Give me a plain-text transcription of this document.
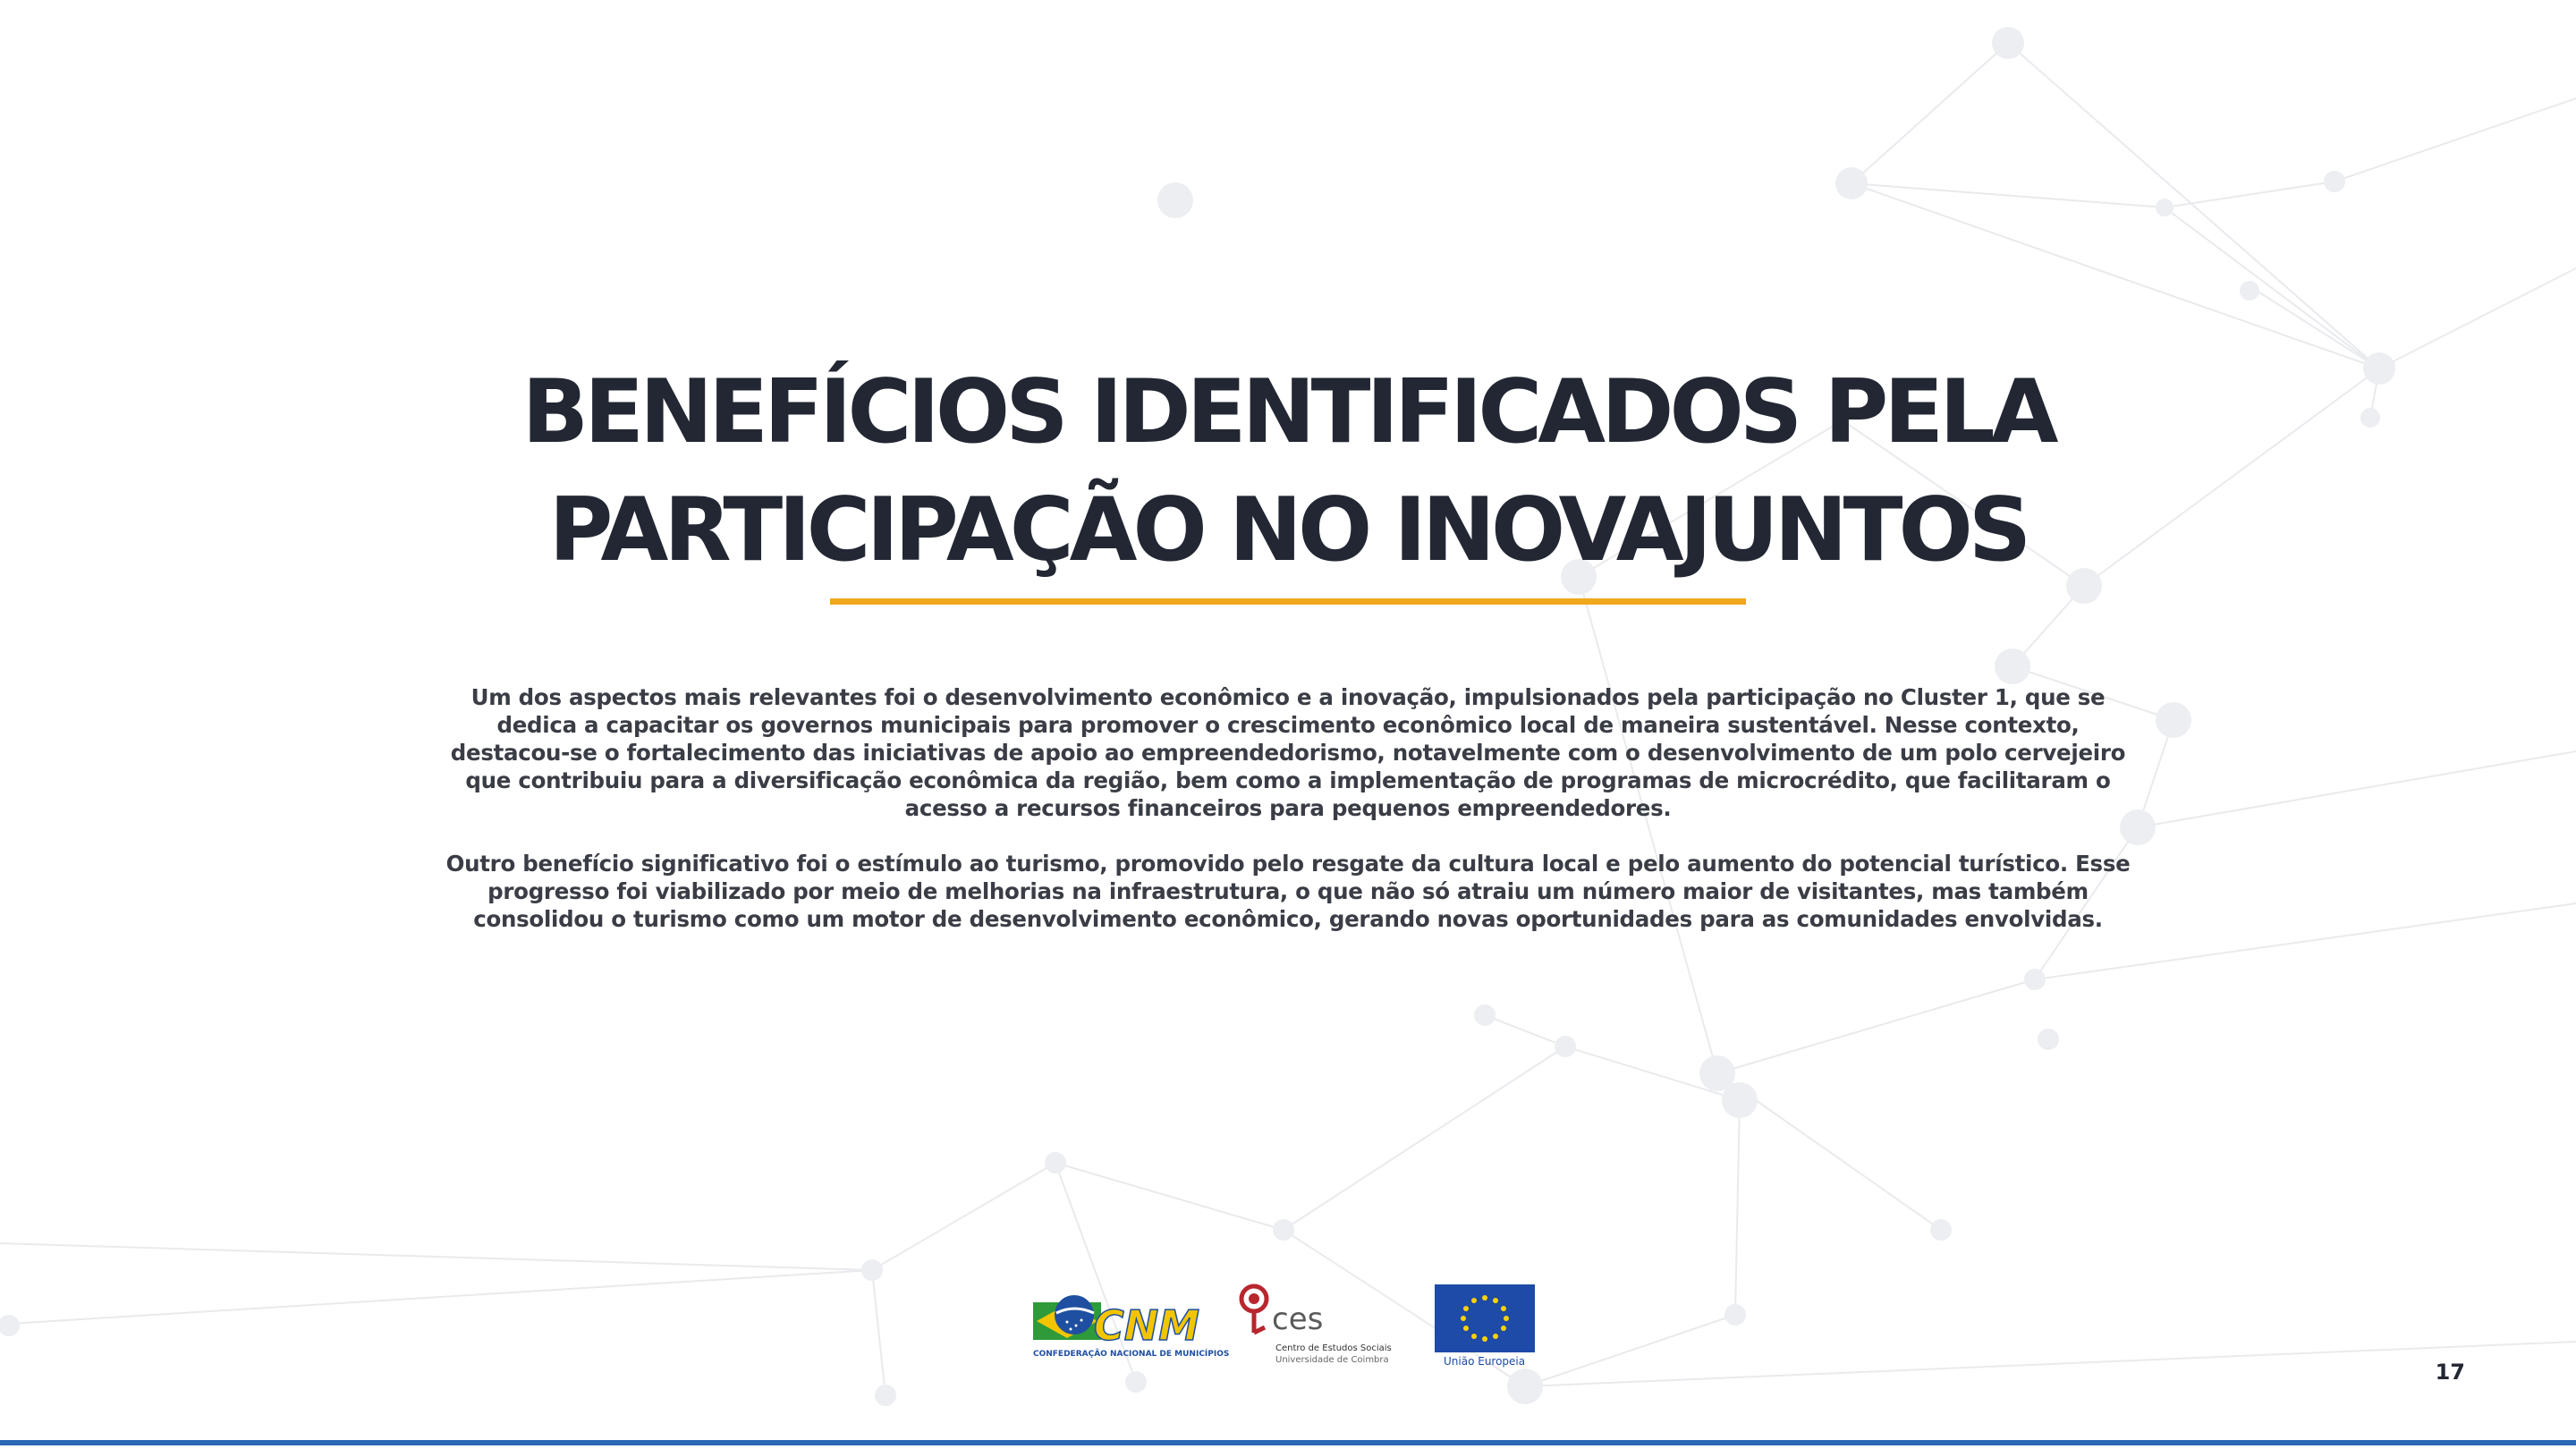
BENEFÍCIOS IDENTIFICADOS PELA
PARTICIPAÇÃO NO INOVAJUNTOS

Um dos aspectos mais relevantes foi o desenvolvimento econômico e a inovação, impulsionados pela participação no Cluster 1, que se dedica a capacitar os governos municipais para promover o crescimento econômico local de maneira sustentável. Nesse contexto, destacou-se o fortalecimento das iniciativas de apoio ao empreendedorismo, notavelmente com o desenvolvimento de um polo cervejeiro que contribuiu para a diversificação econômica da região, bem como a implementação de programas de microcrédito, que facilitaram o acesso a recursos financeiros para pequenos empreendedores.

Outro benefício significativo foi o estímulo ao turismo, promovido pelo resgate da cultura local e pelo aumento do potencial turístico. Esse progresso foi viabilizado por meio de melhorias na infraestrutura, o que não só atraiu um número maior de visitantes, mas também consolidou o turismo como um motor de desenvolvimento econômico, gerando novas oportunidades para as comunidades envolvidas.

CNM
CONFEDERAÇÃO NACIONAL DE MUNICÍPIOS
ces
Centro de Estudos Sociais
Universidade de Coimbra	União Europeia	17
